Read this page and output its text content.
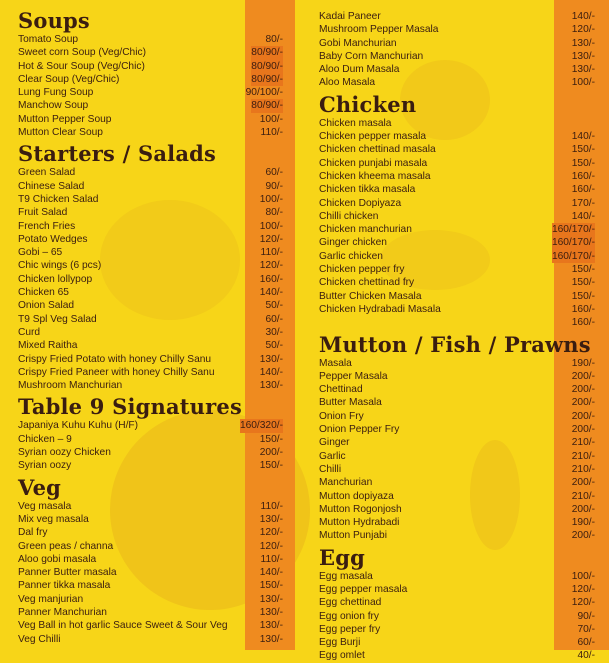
Soups
Tomato Soup	80/-
Sweet corn Soup (Veg/Chic)	80/90/-
Hot & Sour Soup (Veg/Chic)	80/90/-
Clear Soup (Veg/Chic)	80/90/-
Lung Fung Soup	90/100/-
Manchow Soup	80/90/-
Mutton Pepper Soup	100/-
Mutton Clear Soup	110/-
Starters / Salads
Green Salad	60/-
Chinese Salad	90/-
T9 Chicken Salad	100/-
Fruit Salad	80/-
French Fries	100/-
Potato Wedges	120/-
Gobi – 65	110/-
Chic wings (6 pcs)	120/-
Chicken lollypop	160/-
Chicken 65	140/-
Onion Salad	50/-
T9 Spl Veg Salad	60/-
Curd	30/-
Mixed Raitha	50/-
Crispy Fried Potato with honey Chilly Sanu	130/-
Crispy Fried Paneer with honey Chilly Sanu	140/-
Mushroom Manchurian	130/-
Table 9 Signatures
Japaniya Kuhu Kuhu (H/F)	160/320/-
Chicken – 9	150/-
Syrian oozy Chicken	200/-
Syrian oozy	150/-
Veg
Veg masala	110/-
Mix veg masala	130/-
Dal fry	120/-
Green peas / channa	120/-
Aloo gobi masala	110/-
Panner Butter masala	140/-
Panner tikka masala	150/-
Veg manjurian	130/-
Panner Manchurian	130/-
Veg Ball in hot garlic Sauce Sweet & Sour Veg	130/-
Veg Chilli	130/-
Kadai Paneer	140/-
Mushroom Pepper Masala	120/-
Gobi Manchurian	130/-
Baby Corn Manchurian	130/-
Aloo Dum Masala	130/-
Aloo Masala	100/-
Chicken
Chicken masala
Chicken pepper masala	140/-
Chicken chettinad masala	150/-
Chicken punjabi masala	150/-
Chicken kheema masala	160/-
Chicken tikka masala	160/-
Chicken Dopiyaza	170/-
Chilli chicken	140/-
Chicken manchurian	160/170/-
Ginger chicken	160/170/-
Garlic chicken	160/170/-
Chicken pepper fry	150/-
Chicken chettinad fry	150/-
Butter Chicken Masala	150/-
Chicken Hydrabadi Masala	160/-
160/-
Mutton / Fish / Prawns
Masala	190/-
Pepper Masala	200/-
Chettinad	200/-
Butter Masala	200/-
Onion Fry	200/-
Onion Pepper Fry	200/-
Ginger	210/-
Garlic	210/-
Chilli	210/-
Manchurian	200/-
Mutton dopiyaza	210/-
Mutton Rogonjosh	200/-
Mutton Hydrabadi	190/-
Mutton Punjabi	200/-
Egg
Egg masala	100/-
Egg pepper masala	120/-
Egg chettinad	120/-
Egg onion fry	90/-
Egg peper fry	70/-
Egg Burji	60/-
Egg omlet	40/-
